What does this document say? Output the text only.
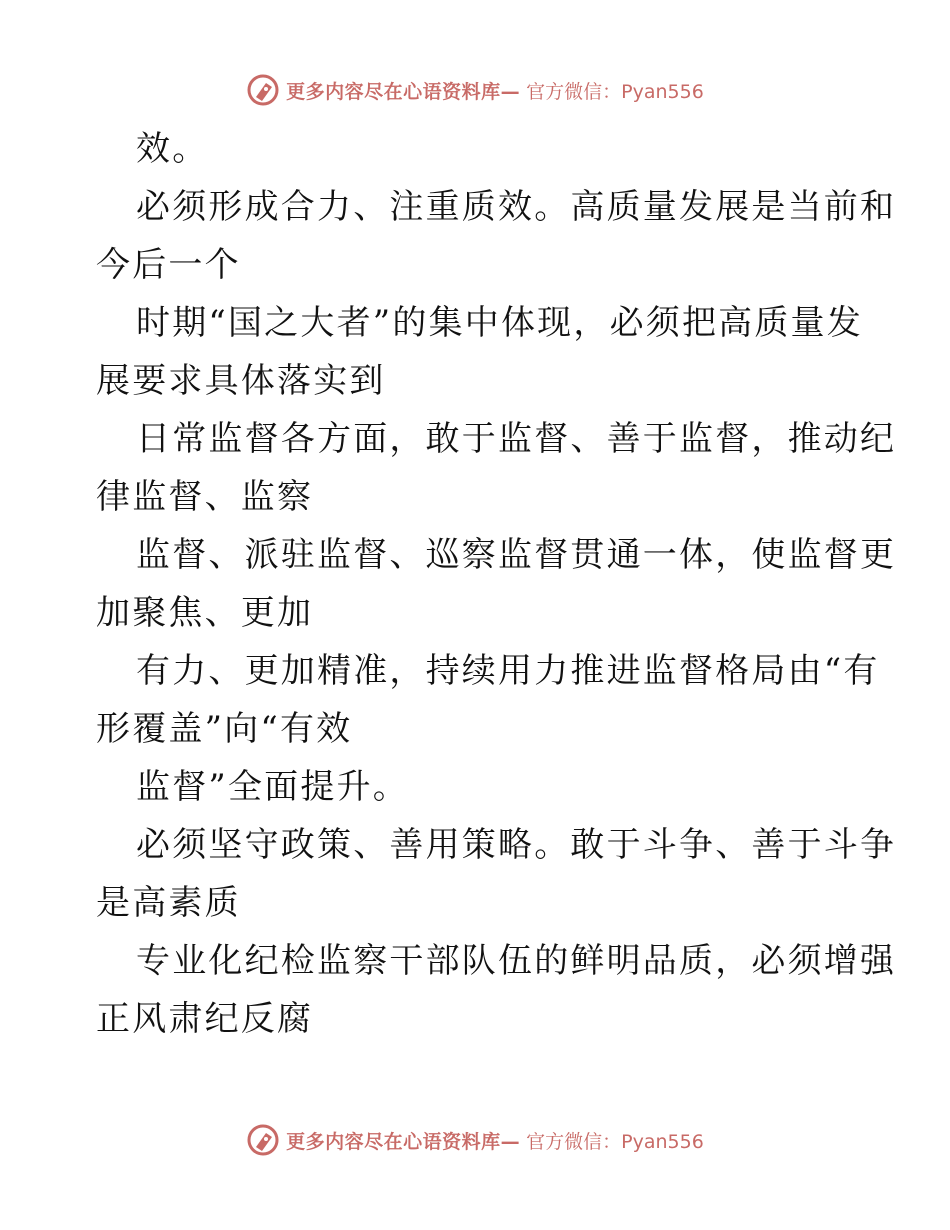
更多内容尽在心语资料库— 官方微信：Pyan556
效。
必须形成合力、注重质效。高质量发展是当前和
今后一个
时期“国之大者”的集中体现，必须把高质量发
展要求具体落实到
日常监督各方面，敢于监督、善于监督，推动纪
律监督、监察
监督、派驻监督、巡察监督贯通一体，使监督更
加聚焦、更加
有力、更加精准，持续用力推进监督格局由“有
形覆盖”向“有效
监督”全面提升。
必须坚守政策、善用策略。敢于斗争、善于斗争
是高素质
专业化纪检监察干部队伍的鲜明品质，必须增强
正风肃纪反腐
更多内容尽在心语资料库— 官方微信：Pyan556
